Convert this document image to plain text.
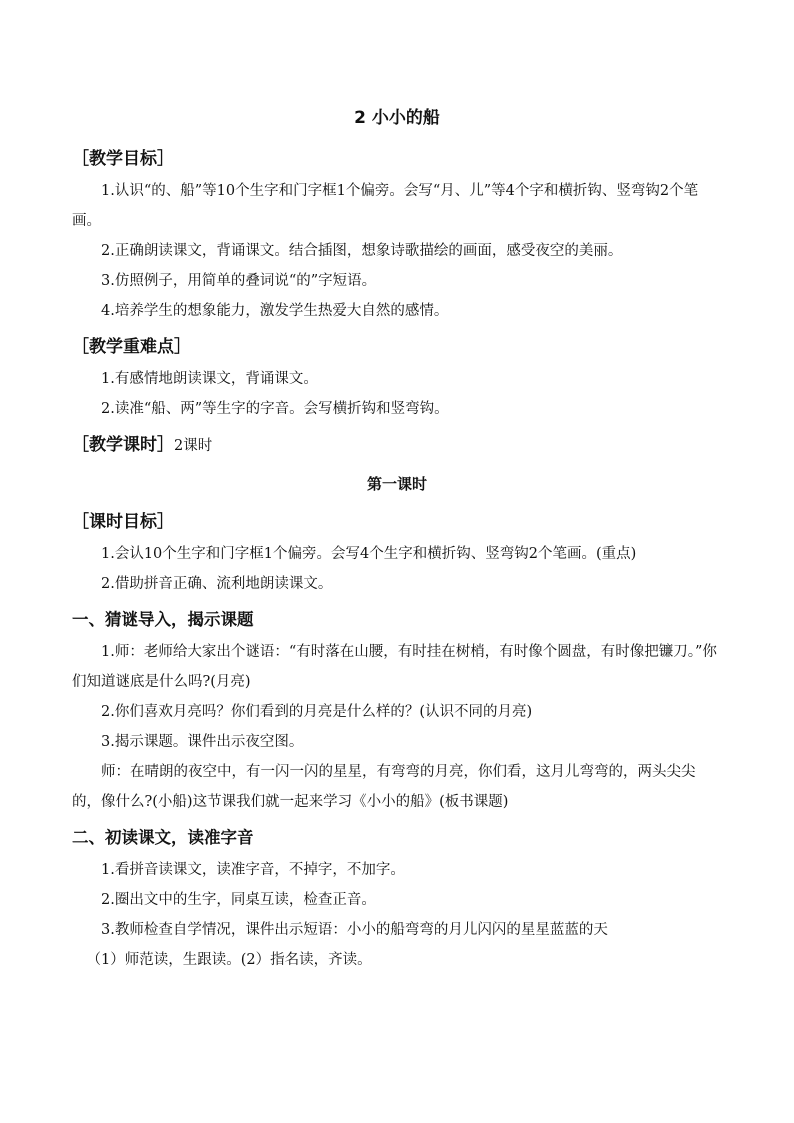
2 小小的船
［教学目标］

1.认识“的、船”等10个生字和门字框1个偏旁。会写“月、儿”等4个字和横折钩、竖弯钩2个笔画。

2.正确朗读课文，背诵课文。结合插图，想象诗歌描绘的画面，感受夜空的美丽。

3.仿照例子，用简单的叠词说“的”字短语。

4.培养学生的想象能力，激发学生热爱大自然的感情。

［教学重难点］

1.有感情地朗读课文，背诵课文。

2.读准“船、两”等生字的字音。会写横折钩和竖弯钩。

［教学课时］2课时
第一课时
［课时目标］

1.会认10个生字和门字框1个偏旁。会写4个生字和横折钩、竖弯钩2个笔画。(重点)

2.借助拼音正确、流利地朗读课文。

一、猜谜导入，揭示课题

1.师：老师给大家出个谜语：“有时落在山腰，有时挂在树梢，有时像个圆盘，有时像把镰刀。”你们知道谜底是什么吗?(月亮)

2.你们喜欢月亮吗？你们看到的月亮是什么样的？(认识不同的月亮)

3.揭示课题。课件出示夜空图。

师：在晴朗的夜空中，有一闪一闪的星星，有弯弯的月亮，你们看，这月儿弯弯的，两头尖尖的，像什么?(小船)这节课我们就一起来学习《小小的船》(板书课题)

二、初读课文，读准字音

1.看拼音读课文，读准字音，不掉字，不加字。

2.圈出文中的生字，同桌互读，检查正音。

3.教师检查自学情况，课件出示短语：小小的船弯弯的月儿闪闪的星星蓝蓝的天

（1）师范读，生跟读。(2）指名读，齐读。
